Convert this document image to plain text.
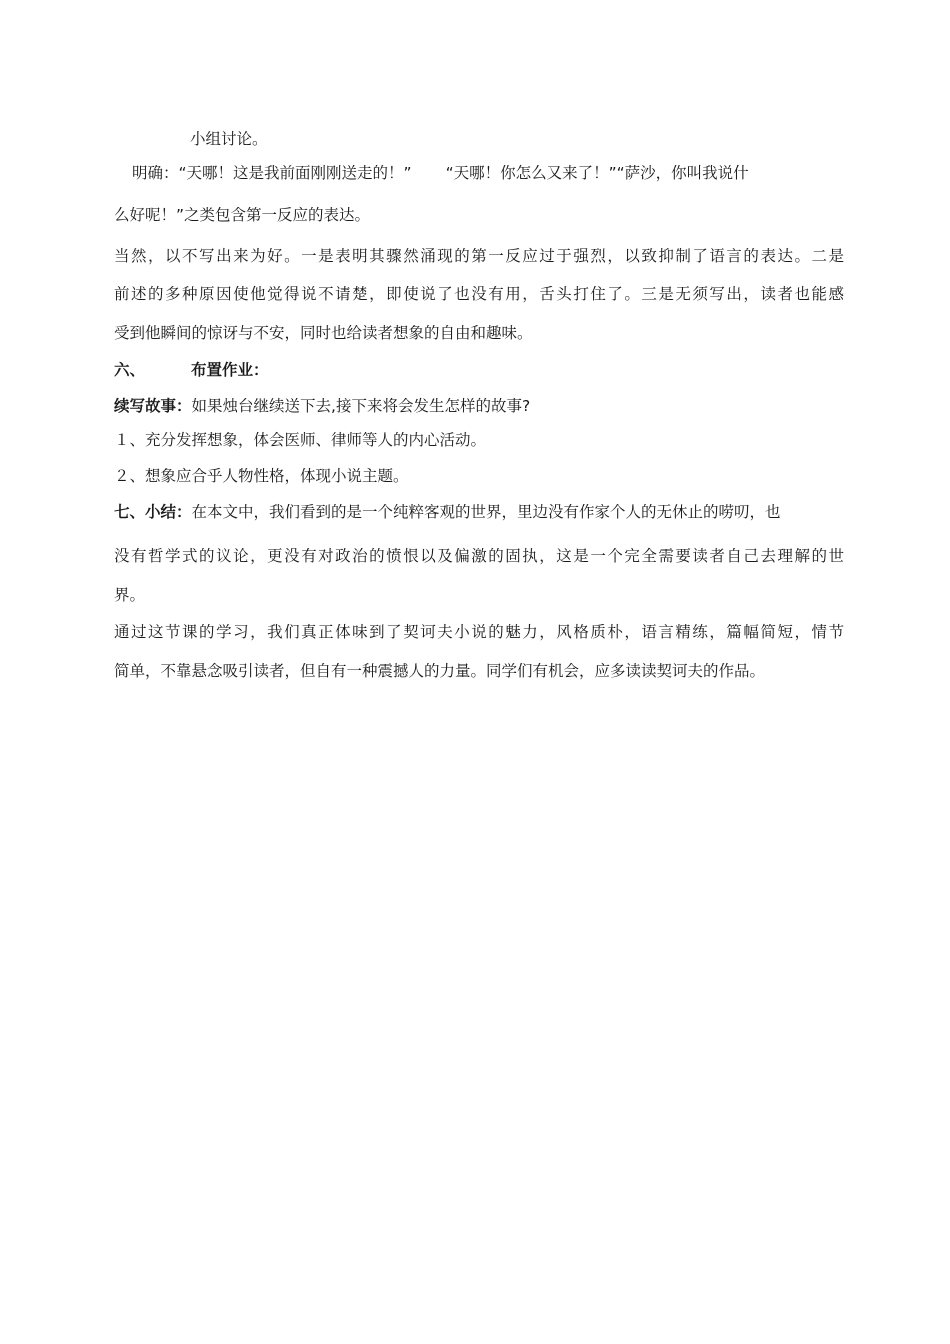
小组讨论。
明确：“天哪！这是我前面刚刚送走的！” “天哪！你怎么又来了！”“萨沙，你叫我说什
么好呢！”之类包含第一反应的表达。
当然，以不写出来为好。一是表明其骤然涌现的第一反应过于强烈，以致抑制了语言的表达。二是
前述的多种原因使他觉得说不请楚，即使说了也没有用，舌头打住了。三是无须写出，读者也能感
受到他瞬间的惊讶与不安，同时也给读者想象的自由和趣味。
六、	布置作业：
续写故事：如果烛台继续送下去,接下来将会发生怎样的故事?
１、充分发挥想象，体会医师、律师等人的内心活动。
２、想象应合乎人物性格，体现小说主题。
七、小结：在本文中，我们看到的是一个纯粹客观的世界，里边没有作家个人的无休止的唠叨，也
没有哲学式的议论，更没有对政治的愤恨以及偏激的固执，这是一个完全需要读者自己去理解的世
界。
通过这节课的学习，我们真正体味到了契诃夫小说的魅力，风格质朴，语言精练，篇幅简短，情节
简单，不靠悬念吸引读者，但自有一种震撼人的力量。同学们有机会，应多读读契诃夫的作品。
